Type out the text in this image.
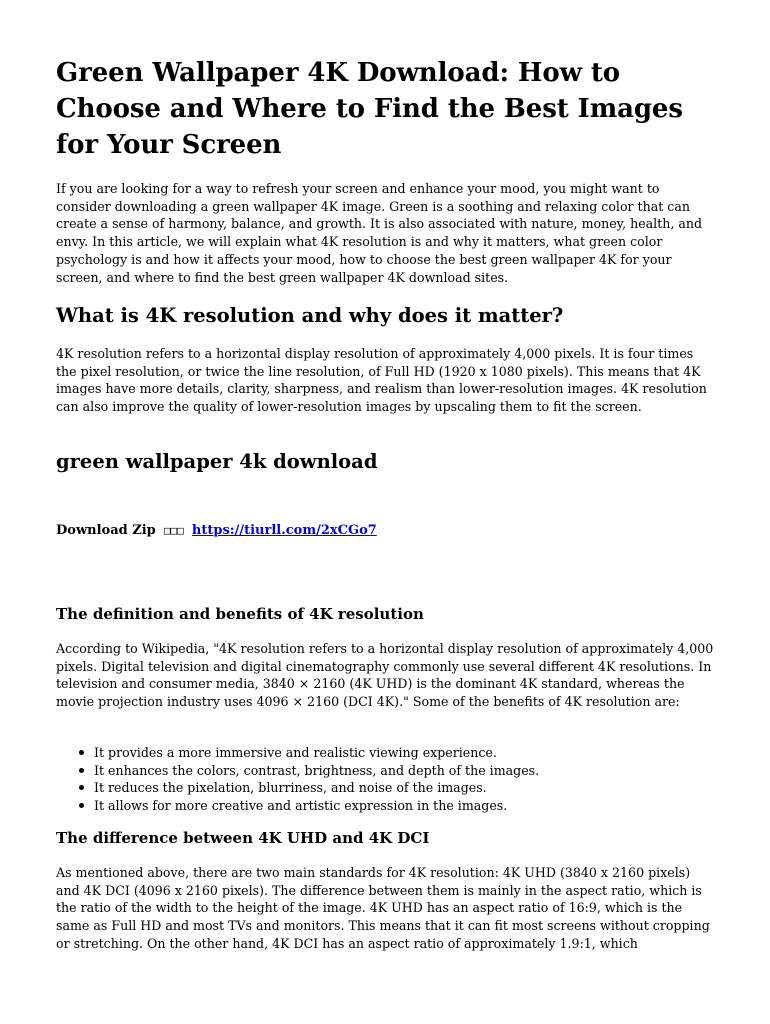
Green Wallpaper 4K Download: How to Choose and Where to Find the Best Images for Your Screen

If you are looking for a way to refresh your screen and enhance your mood, you might want to consider downloading a green wallpaper 4K image. Green is a soothing and relaxing color that can create a sense of harmony, balance, and growth. It is also associated with nature, money, health, and envy. In this article, we will explain what 4K resolution is and why it matters, what green color psychology is and how it affects your mood, how to choose the best green wallpaper 4K for your screen, and where to find the best green wallpaper 4K download sites.

What is 4K resolution and why does it matter?

4K resolution refers to a horizontal display resolution of approximately 4,000 pixels. It is four times the pixel resolution, or twice the line resolution, of Full HD (1920 x 1080 pixels). This means that 4K images have more details, clarity, sharpness, and realism than lower-resolution images. 4K resolution can also improve the quality of lower-resolution images by upscaling them to fit the screen.

green wallpaper 4k download
Download Zip □□□ https://tiurll.com/2xCGo7
The definition and benefits of 4K resolution

According to Wikipedia, "4K resolution refers to a horizontal display resolution of approximately 4,000 pixels. Digital television and digital cinematography commonly use several different 4K resolutions. In television and consumer media, 3840 × 2160 (4K UHD) is the dominant 4K standard, whereas the movie projection industry uses 4096 × 2160 (DCI 4K)." Some of the benefits of 4K resolution are:

It provides a more immersive and realistic viewing experience.
It enhances the colors, contrast, brightness, and depth of the images.
It reduces the pixelation, blurriness, and noise of the images.
It allows for more creative and artistic expression in the images.
The difference between 4K UHD and 4K DCI

As mentioned above, there are two main standards for 4K resolution: 4K UHD (3840 x 2160 pixels) and 4K DCI (4096 x 2160 pixels). The difference between them is mainly in the aspect ratio, which is the ratio of the width to the height of the image. 4K UHD has an aspect ratio of 16:9, which is the same as Full HD and most TVs and monitors. This means that it can fit most screens without cropping or stretching. On the other hand, 4K DCI has an aspect ratio of approximately 1.9:1, which
